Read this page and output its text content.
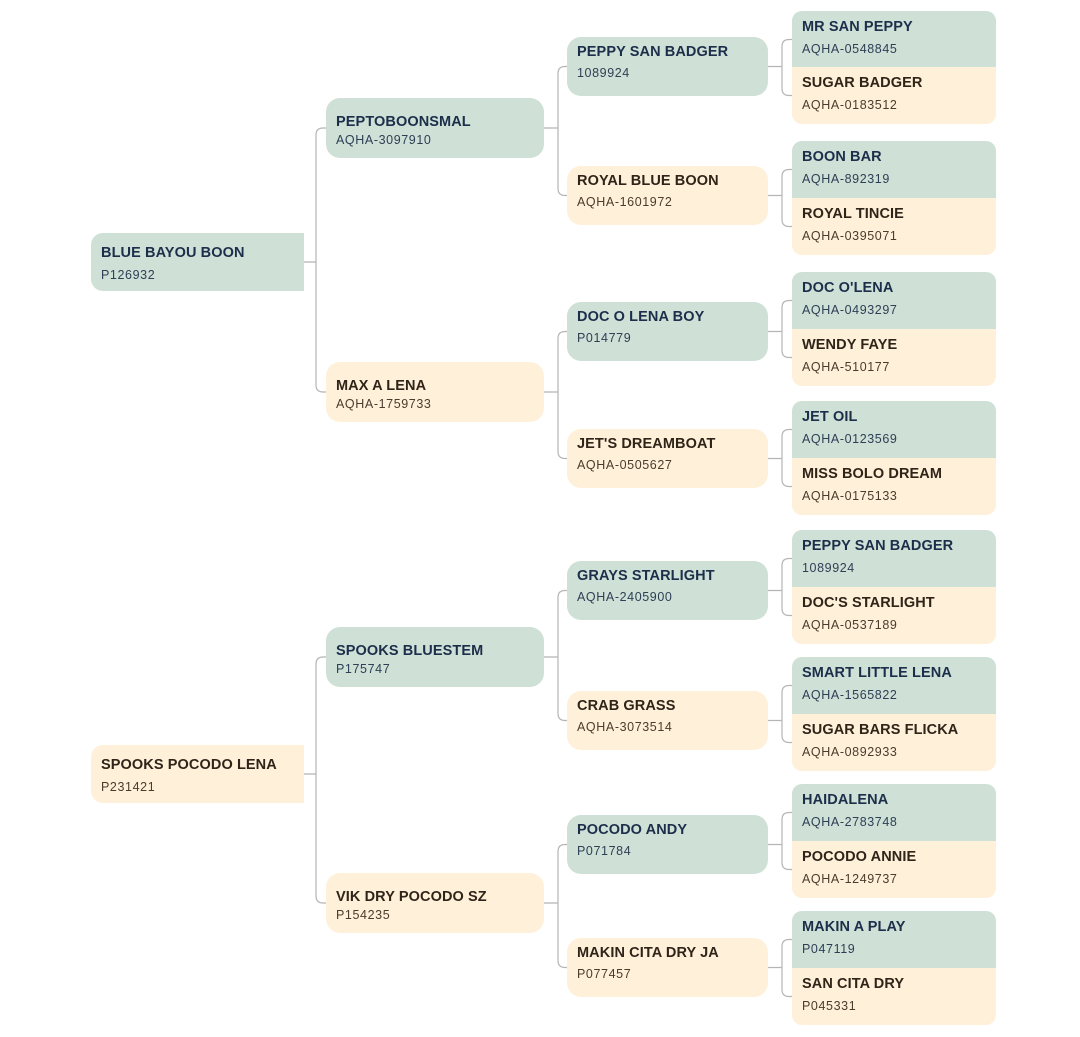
BLUE BAYOU BOON
P126932
SPOOKS POCODO LENA
P231421
PEPTOBOONSMAL
AQHA-3097910
MAX A LENA
AQHA-1759733
SPOOKS BLUESTEM
P175747
VIK DRY POCODO SZ
P154235
PEPPY SAN BADGER
1089924
ROYAL BLUE BOON
AQHA-1601972
DOC O LENA BOY
P014779
JET'S DREAMBOAT
AQHA-0505627
GRAYS STARLIGHT
AQHA-2405900
CRAB GRASS
AQHA-3073514
POCODO ANDY
P071784
MAKIN CITA DRY JA
P077457
MR SAN PEPPY
AQHA-0548845
SUGAR BADGER
AQHA-0183512
BOON BAR
AQHA-892319
ROYAL TINCIE
AQHA-0395071
DOC O'LENA
AQHA-0493297
WENDY FAYE
AQHA-510177
JET OIL
AQHA-0123569
MISS BOLO DREAM
AQHA-0175133
PEPPY SAN BADGER
1089924
DOC'S STARLIGHT
AQHA-0537189
SMART LITTLE LENA
AQHA-1565822
SUGAR BARS FLICKA
AQHA-0892933
HAIDALENA
AQHA-2783748
POCODO ANNIE
AQHA-1249737
MAKIN A PLAY
P047119
SAN CITA DRY
P045331
